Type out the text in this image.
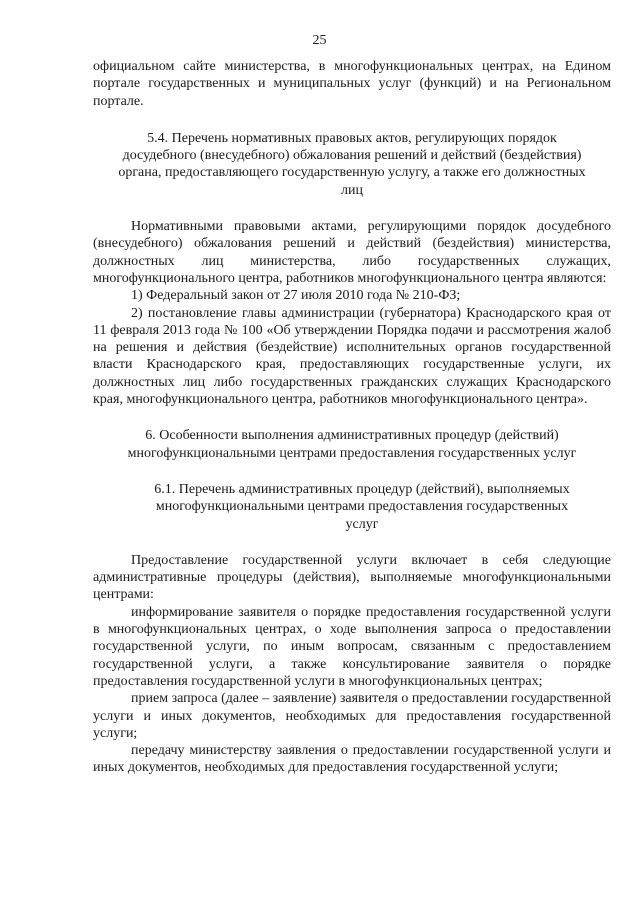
25

официальном сайте министерства, в многофункциональных центрах, на Едином портале государственных и муниципальных услуг (функций) и на Региональном портале.

5.4. Перечень нормативных правовых актов, регулирующих порядок досудебного (внесудебного) обжалования решений и действий (бездействия) органа, предоставляющего государственную услугу, а также его должностных лиц

Нормативными правовыми актами, регулирующими порядок досудебного (внесудебного) обжалования решений и действий (бездействия) министерства, должностных лиц министерства, либо государственных служащих, многофункционального центра, работников многофункционального центра являются:

1) Федеральный закон от 27 июля 2010 года № 210-ФЗ;

2) постановление главы администрации (губернатора) Краснодарского края от 11 февраля 2013 года № 100 «Об утверждении Порядка подачи и рассмотрения жалоб на решения и действия (бездействие) исполнительных органов государственной власти Краснодарского края, предоставляющих государственные услуги, их должностных лиц либо государственных гражданских служащих Краснодарского края, многофункционального центра, работников многофункционального центра».

6. Особенности выполнения административных процедур (действий) многофункциональными центрами предоставления государственных услуг

6.1. Перечень административных процедур (действий), выполняемых многофункциональными центрами предоставления государственных услуг

Предоставление государственной услуги включает в себя следующие административные процедуры (действия), выполняемые многофункциональными центрами:

информирование заявителя о порядке предоставления государственной услуги в многофункциональных центрах, о ходе выполнения запроса о предоставлении государственной услуги, по иным вопросам, связанным с предоставлением государственной услуги, а также консультирование заявителя о порядке предоставления государственной услуги в многофункциональных центрах;

прием запроса (далее – заявление) заявителя о предоставлении государственной услуги и иных документов, необходимых для предоставления государственной услуги;

передачу министерству заявления о предоставлении государственной услуги и иных документов, необходимых для предоставления государственной услуги;
